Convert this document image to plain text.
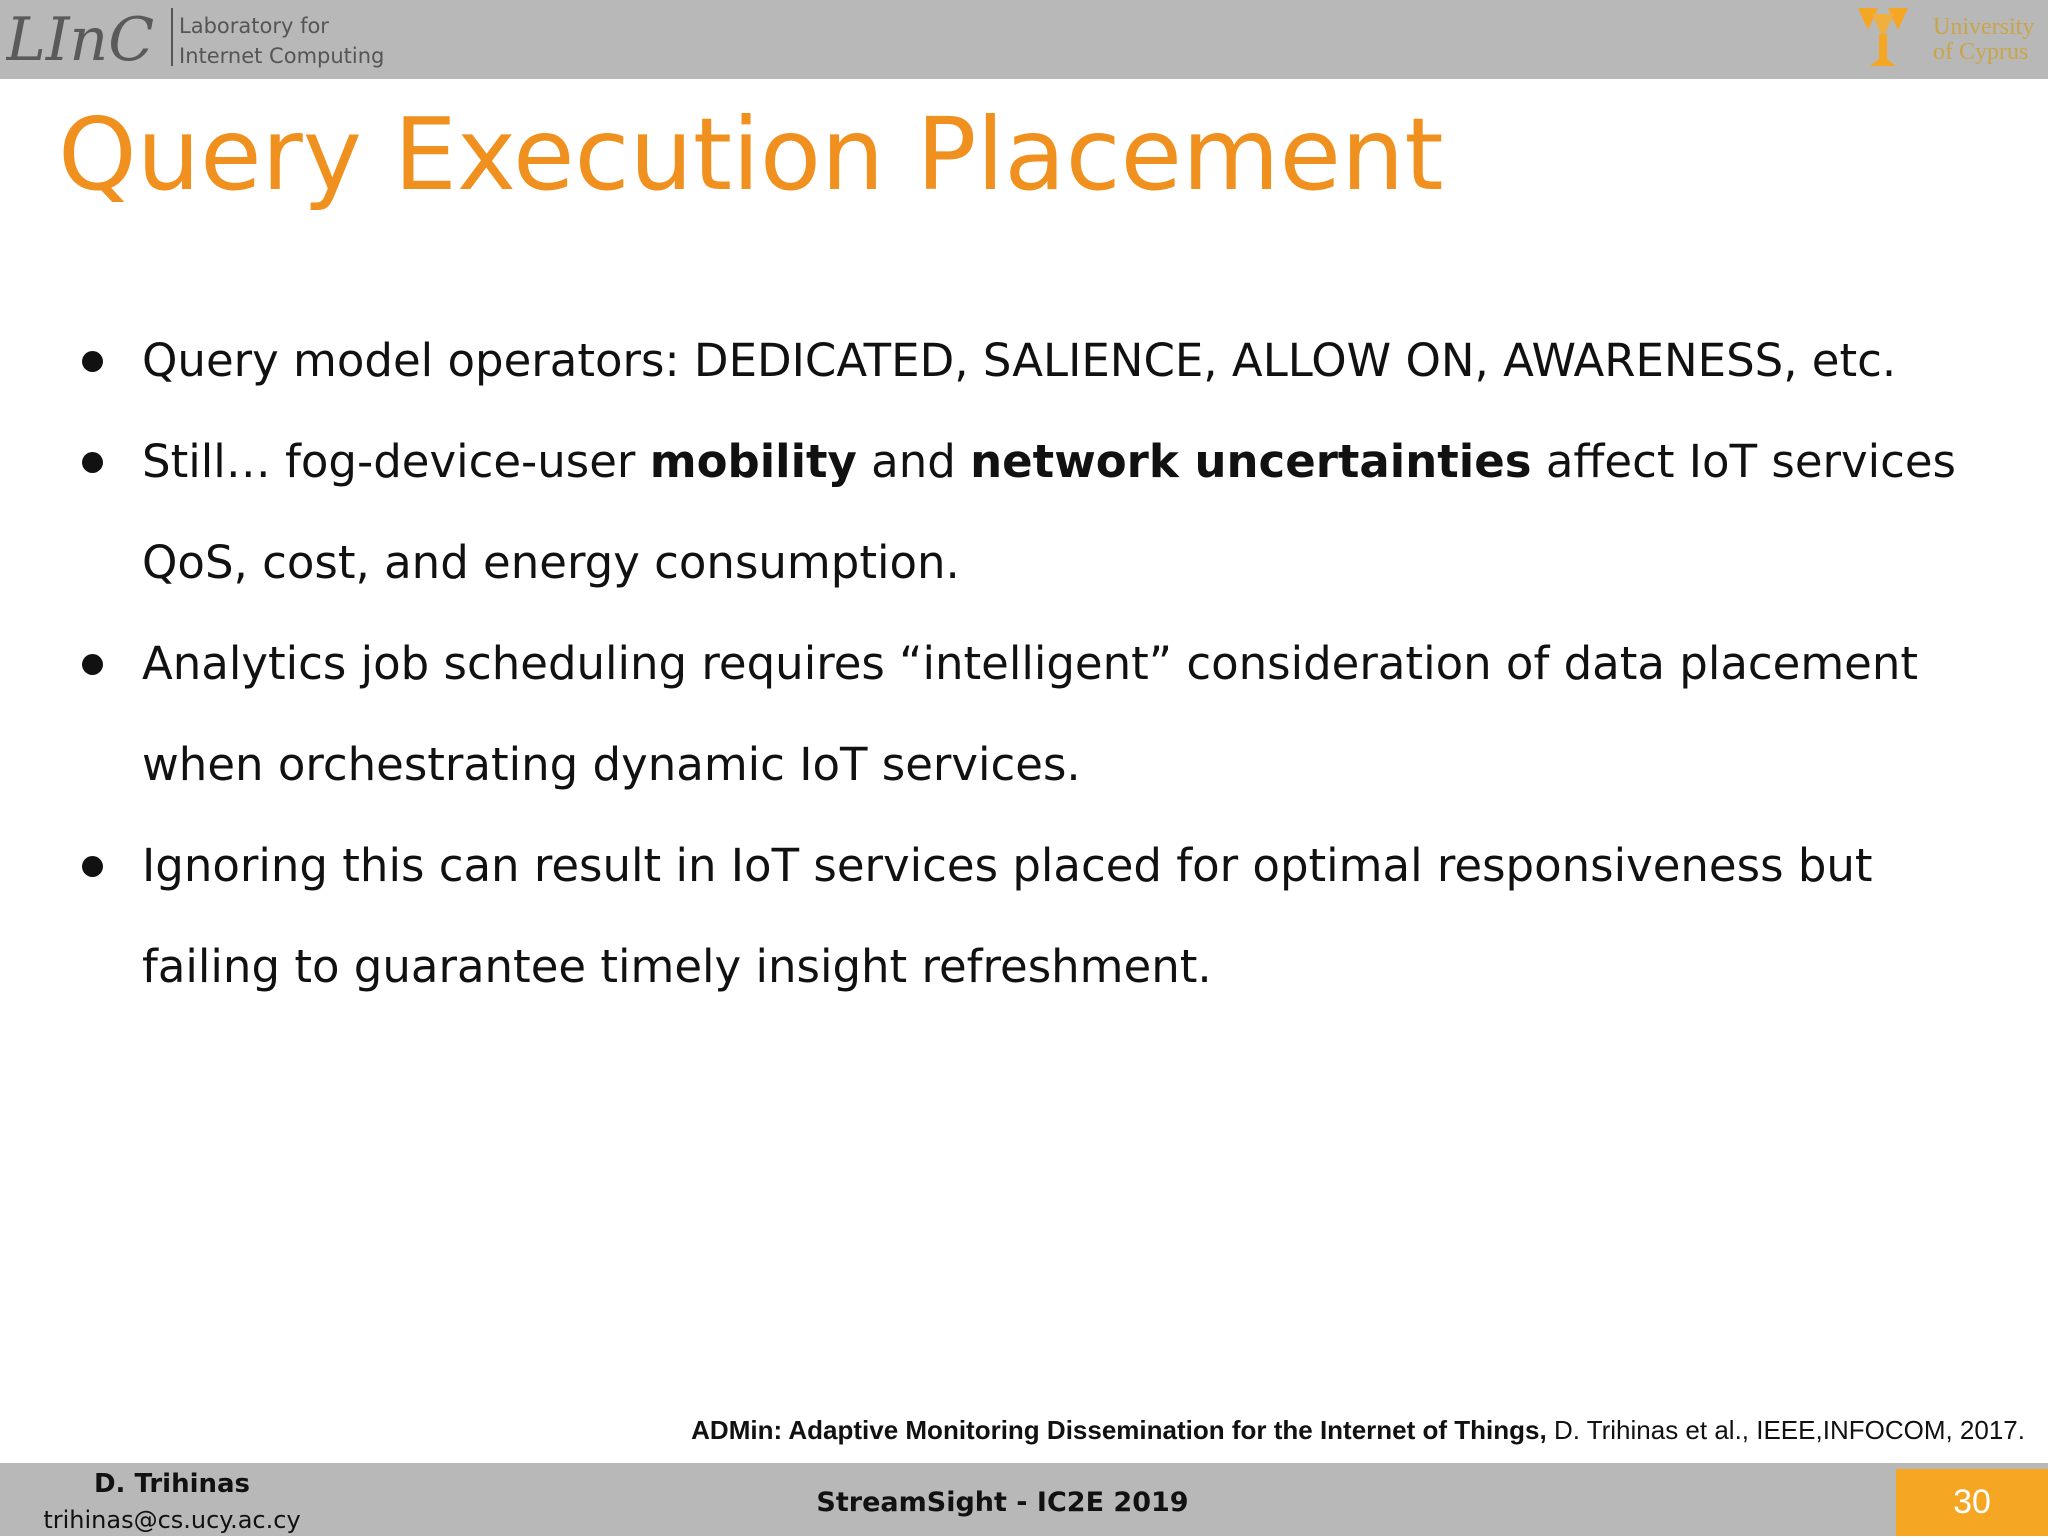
LInC Laboratory for
Internet Computing
University
of Cyprus
Query Execution Placement
Query model operators: DEDICATED, SALIENCE, ALLOW ON, AWARENESS, etc.
Still… fog-device-user mobility and network uncertainties affect IoT services QoS, cost, and energy consumption.
Analytics job scheduling requires “intelligent” consideration of data placement when orchestrating dynamic IoT services.
Ignoring this can result in IoT services placed for optimal responsiveness but failing to guarantee timely insight refreshment.
ADMin: Adaptive Monitoring Dissemination for the Internet of Things, D. Trihinas et al., IEEE,INFOCOM, 2017.
D. Trihinas
trihinas@cs.ucy.ac.cy
StreamSight - IC2E 2019	30
